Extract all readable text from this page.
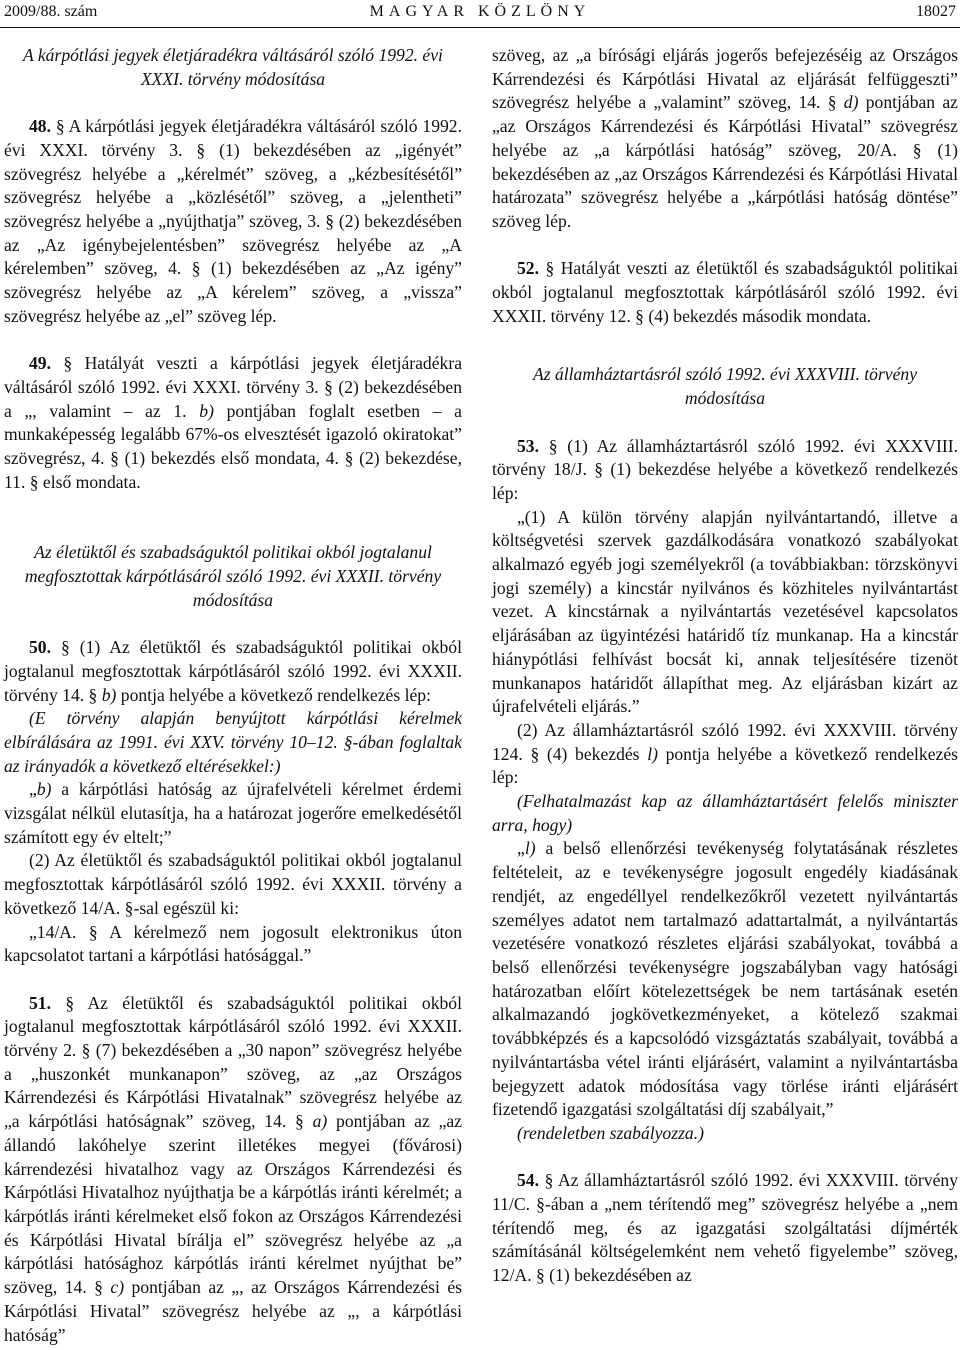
2009/88. szám	MAGYAR KÖZLÖNY	18027

A kárpótlási jegyek életjáradékra váltásáról szóló 1992. évi XXXI. törvény módosítása

48. § A kárpótlási jegyek életjáradékra váltásáról szóló 1992. évi XXXI. törvény 3. § (1) bekezdésében az „igényét” szövegrész helyébe a „kérelmét” szöveg, a „kézbesítésétől” szövegrész helyébe a „közlésétől” szöveg, a „jelentheti” szövegrész helyébe a „nyújthatja” szöveg, 3. § (2) bekezdésében az „Az igénybejelentésben” szövegrész helyébe az „A kérelemben” szöveg, 4. § (1) bekezdésében az „Az igény” szövegrész helyébe az „A kérelem” szöveg, a „vissza” szövegrész helyébe az „el” szöveg lép.

49. § Hatályát veszti a kárpótlási jegyek életjáradékra váltásáról szóló 1992. évi XXXI. törvény 3. § (2) bekezdésében a „, valamint – az 1. b) pontjában foglalt esetben – a munkaképesség legalább 67%-os elvesztését igazoló okiratokat” szövegrész, 4. § (1) bekezdés első mondata, 4. § (2) bekezdése, 11. § első mondata.

Az életüktől és szabadságuktól politikai okból jogtalanul megfosztottak kárpótlásáról szóló 1992. évi XXXII. törvény módosítása

50. § (1) Az életüktől és szabadságuktól politikai okból jogtalanul megfosztottak kárpótlásáról szóló 1992. évi XXXII. törvény 14. § b) pontja helyébe a következő rendelkezés lép:

(E törvény alapján benyújtott kárpótlási kérelmek elbírálására az 1991. évi XXV. törvény 10–12. §-ában foglaltak az irányadók a következő eltérésekkel:)

„b) a kárpótlási hatóság az újrafelvételi kérelmet érdemi vizsgálat nélkül elutasítja, ha a határozat jogerőre emelkedésétől számított egy év eltelt;”

(2) Az életüktől és szabadságuktól politikai okból jogtalanul megfosztottak kárpótlásáról szóló 1992. évi XXXII. törvény a következő 14/A. §-sal egészül ki:

„14/A. § A kérelmező nem jogosult elektronikus úton kapcsolatot tartani a kárpótlási hatósággal.”

51. § Az életüktől és szabadságuktól politikai okból jogtalanul megfosztottak kárpótlásáról szóló 1992. évi XXXII. törvény 2. § (7) bekezdésében a „30 napon” szövegrész helyébe a „huszonkét munkanapon” szöveg, az „az Országos Kárrendezési és Kárpótlási Hivatalnak” szövegrész helyébe az „a kárpótlási hatóságnak” szöveg, 14. § a) pontjában az „az állandó lakóhelye szerint illetékes megyei (fővárosi) kárrendezési hivatalhoz vagy az Országos Kárrendezési és Kárpótlási Hivatalhoz nyújthatja be a kárpótlás iránti kérelmét; a kárpótlás iránti kérelmeket első fokon az Országos Kárrendezési és Kárpótlási Hivatal bírálja el” szövegrész helyébe az „a kárpótlási hatósághoz kárpótlás iránti kérelmet nyújthat be” szöveg, 14. § c) pontjában az „, az Országos Kárrendezési és Kárpótlási Hivatal” szövegrész helyébe az „, a kárpótlási hatóság”

szöveg, az „a bírósági eljárás jogerős befejezéséig az Országos Kárrendezési és Kárpótlási Hivatal az eljárását felfüggeszti” szövegrész helyébe a „valamint” szöveg, 14. § d) pontjában az „az Országos Kárrendezési és Kárpótlási Hivatal” szövegrész helyébe az „a kárpótlási hatóság” szöveg, 20/A. § (1) bekezdésében az „az Országos Kárrendezési és Kárpótlási Hivatal határozata” szövegrész helyébe a „kárpótlási hatóság döntése” szöveg lép.

52. § Hatályát veszti az életüktől és szabadságuktól politikai okból jogtalanul megfosztottak kárpótlásáról szóló 1992. évi XXXII. törvény 12. § (4) bekezdés második mondata.

Az államháztartásról szóló 1992. évi XXXVIII. törvény módosítása

53. § (1) Az államháztartásról szóló 1992. évi XXXVIII. törvény 18/J. § (1) bekezdése helyébe a következő rendelkezés lép:

„(1) A külön törvény alapján nyilvántartandó, illetve a költségvetési szervek gazdálkodására vonatkozó szabályokat alkalmazó egyéb jogi személyekről (a továbbiakban: törzskönyvi jogi személy) a kincstár nyilvános és közhiteles nyilvántartást vezet. A kincstárnak a nyilvántartás vezetésével kapcsolatos eljárásában az ügyintézési határidő tíz munkanap. Ha a kincstár hiánypótlási felhívást bocsát ki, annak teljesítésére tizenöt munkanapos határidőt állapíthat meg. Az eljárásban kizárt az újrafelvételi eljárás.”

(2) Az államháztartásról szóló 1992. évi XXXVIII. törvény 124. § (4) bekezdés l) pontja helyébe a következő rendelkezés lép:

(Felhatalmazást kap az államháztartásért felelős miniszter arra, hogy)

„l) a belső ellenőrzési tevékenység folytatásának részletes feltételeit, az e tevékenységre jogosult engedély kiadásának rendjét, az engedéllyel rendelkezőkről vezetett nyilvántartás személyes adatot nem tartalmazó adattartalmát, a nyilvántartás vezetésére vonatkozó részletes eljárási szabályokat, továbbá a belső ellenőrzési tevékenységre jogszabályban vagy hatósági határozatban előírt kötelezettségek be nem tartásának esetén alkalmazandó jogkövetkezményeket, a kötelező szakmai továbbképzés és a kapcsolódó vizsgáztatás szabályait, továbbá a nyilvántartásba vétel iránti eljárásért, valamint a nyilvántartásba bejegyzett adatok módosítása vagy törlése iránti eljárásért fizetendő igazgatási szolgáltatási díj szabályait,”

(rendeletben szabályozza.)

54. § Az államháztartásról szóló 1992. évi XXXVIII. törvény 11/C. §-ában a „nem térítendő meg” szövegrész helyébe a „nem térítendő meg, és az igazgatási szolgáltatási díjmérték számításánál költségelemként nem vehető figyelembe” szöveg, 12/A. § (1) bekezdésében az
